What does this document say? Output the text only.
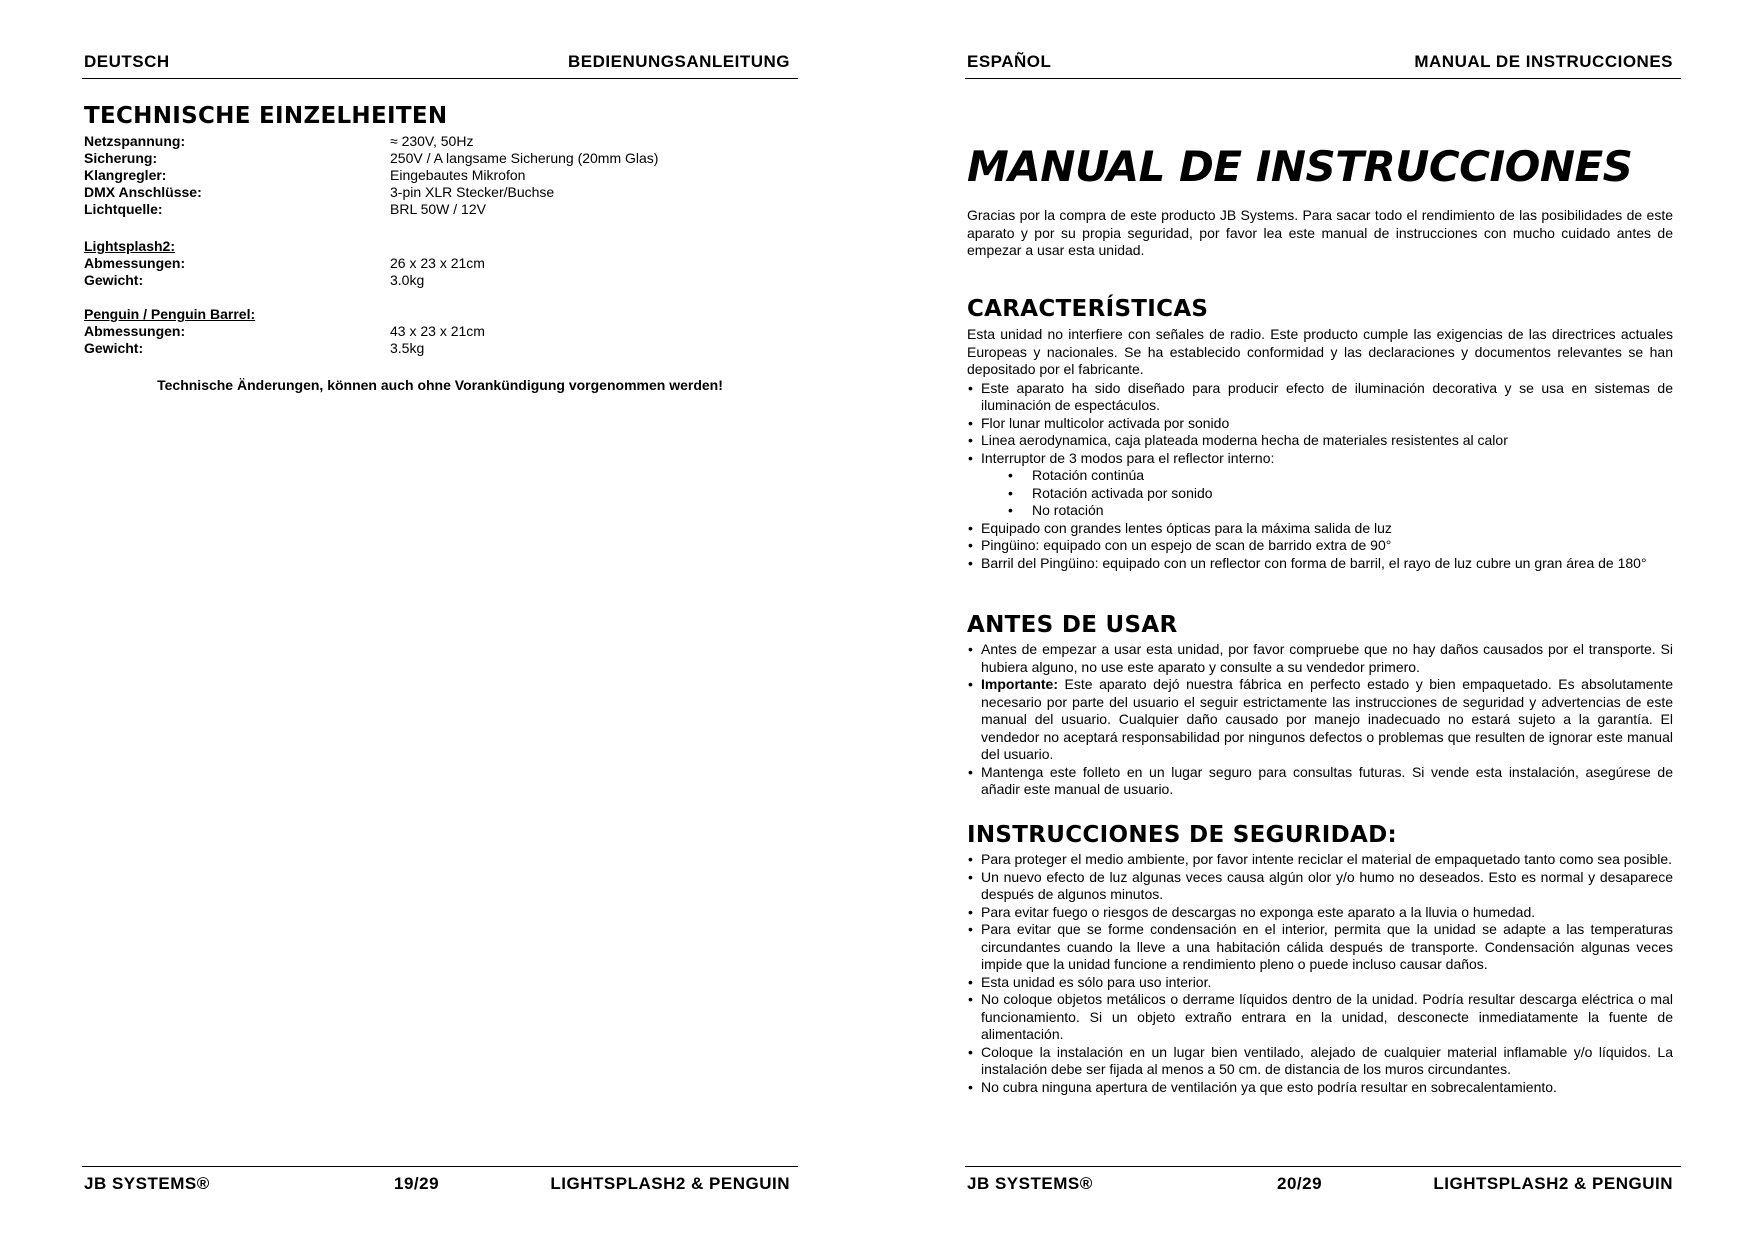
DEUTSCH	BEDIENUNGSANLEITUNG
TECHNISCHE EINZELHEITEN
Netzspannung:	≈ 230V, 50Hz
Sicherung:	250V / A langsame Sicherung (20mm Glas)
Klangregler:	Eingebautes Mikrofon
DMX Anschlüsse:	3-pin XLR Stecker/Buchse
Lichtquelle:	BRL 50W / 12V
Lightsplash2:
Abmessungen:	26 x 23 x 21cm
Gewicht:	3.0kg
Penguin / Penguin Barrel:
Abmessungen:	43 x 23 x 21cm
Gewicht:	3.5kg
Technische Änderungen, können auch ohne Vorankündigung vorgenommen werden!
JB SYSTEMS®	19/29	LIGHTSPLASH2 & PENGUIN
ESPAÑOL	MANUAL DE INSTRUCCIONES
MANUAL DE INSTRUCCIONES

Gracias por la compra de este producto JB Systems. Para sacar todo el rendimiento de las posibilidades de este aparato y por su propia seguridad, por favor lea este manual de instrucciones con mucho cuidado antes de empezar a usar esta unidad.

CARACTERÍSTICAS

Esta unidad no interfiere con señales de radio. Este producto cumple las exigencias de las directrices actuales Europeas y nacionales. Se ha establecido conformidad y las declaraciones y documentos relevantes se han depositado por el fabricante.

• Este aparato ha sido diseñado para producir efecto de iluminación decorativa y se usa en sistemas de iluminación de espectáculos.
• Flor lunar multicolor activada por sonido
• Linea aerodynamica, caja plateada moderna hecha de materiales resistentes al calor
• Interruptor de 3 modos para el reflector interno:
• Rotación continúa
• Rotación activada por sonido
• No rotación
• Equipado con grandes lentes ópticas para la máxima salida de luz
• Pingüino: equipado con un espejo de scan de barrido extra de 90°
• Barril del Pingüino: equipado con un reflector con forma de barril, el rayo de luz cubre un gran área de 180°
ANTES DE USAR
• Antes de empezar a usar esta unidad, por favor compruebe que no hay daños causados por el transporte. Si hubiera alguno, no use este aparato y consulte a su vendedor primero.
• Importante: Este aparato dejó nuestra fábrica en perfecto estado y bien empaquetado. Es absolutamente necesario por parte del usuario el seguir estrictamente las instrucciones de seguridad y advertencias de este manual del usuario. Cualquier daño causado por manejo inadecuado no estará sujeto a la garantía. El vendedor no aceptará responsabilidad por ningunos defectos o problemas que resulten de ignorar este manual del usuario.
• Mantenga este folleto en un lugar seguro para consultas futuras. Si vende esta instalación, asegúrese de añadir este manual de usuario.
INSTRUCCIONES DE SEGURIDAD:
• Para proteger el medio ambiente, por favor intente reciclar el material de empaquetado tanto como sea posible.
• Un nuevo efecto de luz algunas veces causa algún olor y/o humo no deseados. Esto es normal y desaparece después de algunos minutos.
• Para evitar fuego o riesgos de descargas no exponga este aparato a la lluvia o humedad.
• Para evitar que se forme condensación en el interior, permita que la unidad se adapte a las temperaturas circundantes cuando la lleve a una habitación cálida después de transporte. Condensación algunas veces impide que la unidad funcione a rendimiento pleno o puede incluso causar daños.
• Esta unidad es sólo para uso interior.
• No coloque objetos metálicos o derrame líquidos dentro de la unidad. Podría resultar descarga eléctrica o mal funcionamiento. Si un objeto extraño entrara en la unidad, desconecte inmediatamente la fuente de alimentación.
• Coloque la instalación en un lugar bien ventilado, alejado de cualquier material inflamable y/o líquidos. La instalación debe ser fijada al menos a 50 cm. de distancia de los muros circundantes.
• No cubra ninguna apertura de ventilación ya que esto podría resultar en sobrecalentamiento.
JB SYSTEMS®	20/29	LIGHTSPLASH2 & PENGUIN
